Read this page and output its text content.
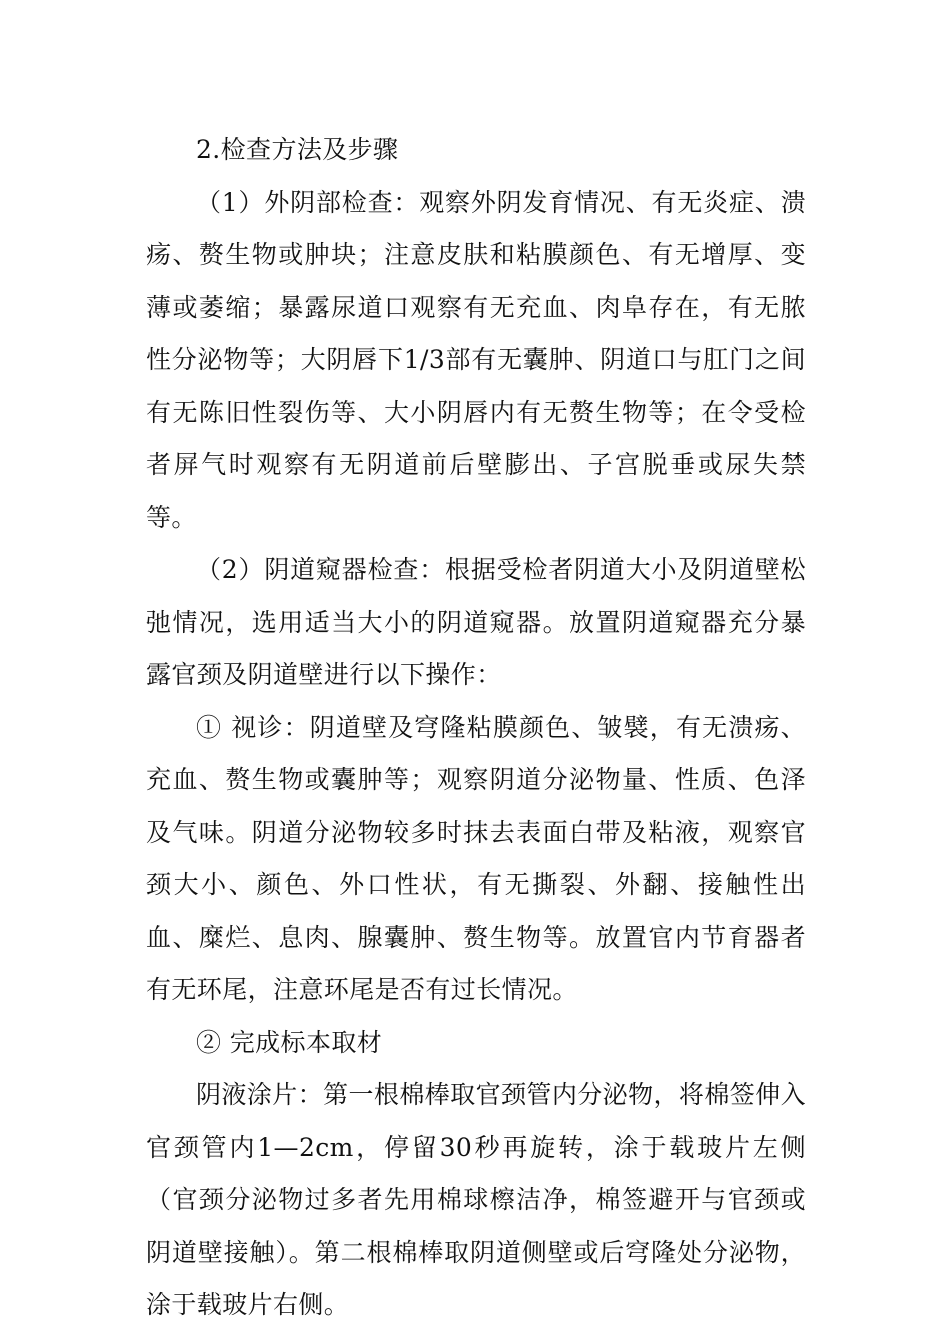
2.检查方法及步骤

（1）外阴部检查：观察外阴发育情况、有无炎症、溃疡、赘生物或肿块；注意皮肤和粘膜颜色、有无增厚、变薄或萎缩；暴露尿道口观察有无充血、肉阜存在，有无脓性分泌物等；大阴唇下1/3部有无囊肿、阴道口与肛门之间有无陈旧性裂伤等、大小阴唇内有无赘生物等；在令受检者屏气时观察有无阴道前后壁膨出、子宫脱垂或尿失禁等。

（2）阴道窥器检查：根据受检者阴道大小及阴道壁松弛情况，选用适当大小的阴道窥器。放置阴道窥器充分暴露官颈及阴道壁进行以下操作：

① 视诊：阴道壁及穹隆粘膜颜色、皱襞，有无溃疡、充血、赘生物或囊肿等；观察阴道分泌物量、性质、色泽及气味。阴道分泌物较多时抹去表面白带及粘液，观察官颈大小、颜色、外口性状，有无撕裂、外翻、接触性出血、糜烂、息肉、腺囊肿、赘生物等。放置官内节育器者有无环尾，注意环尾是否有过长情况。

② 完成标本取材

阴液涂片：第一根棉棒取官颈管内分泌物，将棉签伸入官颈管内1—2cm，停留30秒再旋转，涂于载玻片左侧（官颈分泌物过多者先用棉球檫洁净，棉签避开与官颈或阴道壁接触）。第二根棉棒取阴道侧壁或后穹隆处分泌物，涂于载玻片右侧。
